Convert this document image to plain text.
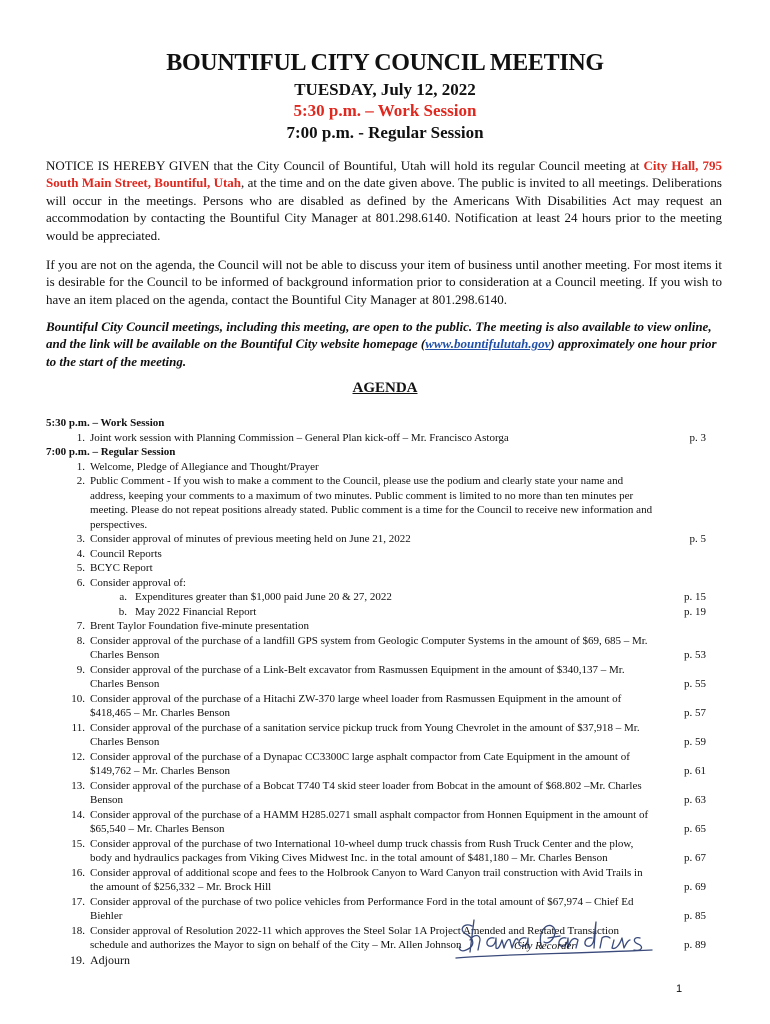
BOUNTIFUL CITY COUNCIL MEETING
TUESDAY, July 12, 2022
5:30 p.m. – Work Session
7:00 p.m. - Regular Session
NOTICE IS HEREBY GIVEN that the City Council of Bountiful, Utah will hold its regular Council meeting at City Hall, 795 South Main Street, Bountiful, Utah, at the time and on the date given above. The public is invited to all meetings. Deliberations will occur in the meetings. Persons who are disabled as defined by the Americans With Disabilities Act may request an accommodation by contacting the Bountiful City Manager at 801.298.6140. Notification at least 24 hours prior to the meeting would be appreciated.
If you are not on the agenda, the Council will not be able to discuss your item of business until another meeting. For most items it is desirable for the Council to be informed of background information prior to consideration at a Council meeting. If you wish to have an item placed on the agenda, contact the Bountiful City Manager at 801.298.6140.
Bountiful City Council meetings, including this meeting, are open to the public. The meeting is also available to view online, and the link will be available on the Bountiful City website homepage (www.bountifulutah.gov) approximately one hour prior to the start of the meeting.
AGENDA
5:30 p.m. – Work Session
1. Joint work session with Planning Commission – General Plan kick-off – Mr. Francisco Astorga	p. 3
7:00 p.m. – Regular Session
1. Welcome, Pledge of Allegiance and Thought/Prayer
2. Public Comment - If you wish to make a comment to the Council, please use the podium and clearly state your name and address, keeping your comments to a maximum of two minutes. Public comment is limited to no more than ten minutes per meeting. Please do not repeat positions already stated. Public comment is a time for the Council to receive new information and perspectives.
3. Consider approval of minutes of previous meeting held on June 21, 2022	p. 5
4. Council Reports
5. BCYC Report
6. Consider approval of:
a. Expenditures greater than $1,000 paid June 20 & 27, 2022	p. 15
b. May 2022 Financial Report	p. 19
7. Brent Taylor Foundation five-minute presentation
8. Consider approval of the purchase of a landfill GPS system from Geologic Computer Systems in the amount of $69, 685 – Mr. Charles Benson	p. 53
9. Consider approval of the purchase of a Link-Belt excavator from Rasmussen Equipment in the amount of $340,137 – Mr. Charles Benson	p. 55
10. Consider approval of the purchase of a Hitachi ZW-370 large wheel loader from Rasmussen Equipment in the amount of $418,465 – Mr. Charles Benson	p. 57
11. Consider approval of the purchase of a sanitation service pickup truck from Young Chevrolet in the amount of $37,918 – Mr. Charles Benson	p. 59
12. Consider approval of the purchase of a Dynapac CC3300C large asphalt compactor from Cate Equipment in the amount of $149,762 – Mr. Charles Benson	p. 61
13. Consider approval of the purchase of a Bobcat T740 T4 skid steer loader from Bobcat in the amount of $68.802 –Mr. Charles Benson	p. 63
14. Consider approval of the purchase of a HAMM H285.0271 small asphalt compactor from Honnen Equipment in the amount of $65,540 – Mr. Charles Benson	p. 65
15. Consider approval of the purchase of two International 10-wheel dump truck chassis from Rush Truck Center and the plow, body and hydraulics packages from Viking Cives Midwest Inc. in the total amount of $481,180 – Mr. Charles Benson	p. 67
16. Consider approval of additional scope and fees to the Holbrook Canyon to Ward Canyon trail construction with Avid Trails in the amount of $256,332 – Mr. Brock Hill	p. 69
17. Consider approval of the purchase of two police vehicles from Performance Ford in the total amount of $67,974 – Chief Ed Biehler	p. 85
18. Consider approval of Resolution 2022-11 which approves the Steel Solar 1A Project Amended and Restated Transaction schedule and authorizes the Mayor to sign on behalf of the City – Mr. Allen Johnson	p. 89
19. Adjourn
City Recorder
1
